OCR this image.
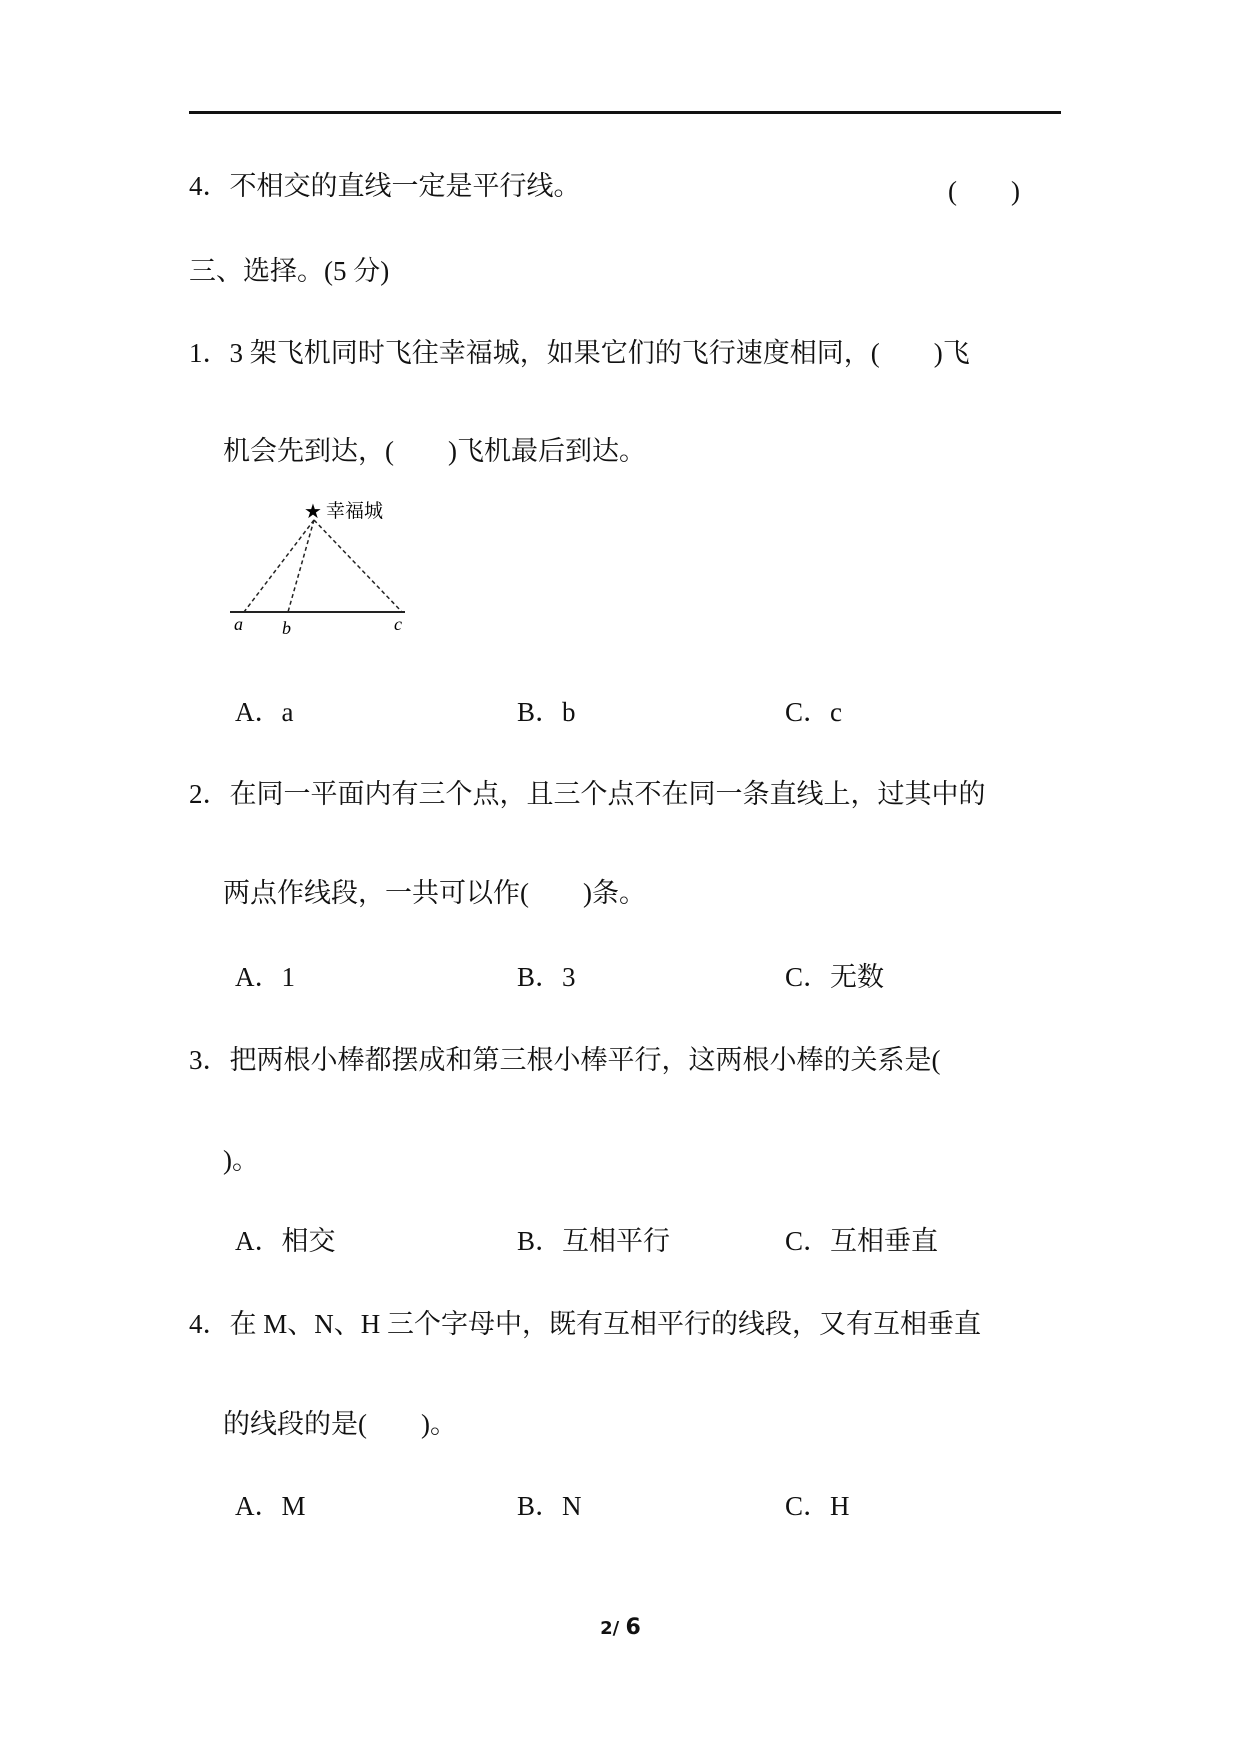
4．不相交的直线一定是平行线。	(　　)
三、选择。(5 分)
1．3 架飞机同时飞往幸福城，如果它们的飞行速度相同，(　　)飞
机会先到达，(　　)飞机最后到达。
★ 幸福城
a b	c
A．a	B．b	C．c
2．在同一平面内有三个点，且三个点不在同一条直线上，过其中的
两点作线段，一共可以作(　　)条。
A．1	B．3	C．无数
3．把两根小棒都摆成和第三根小棒平行，这两根小棒的关系是(
)。
A．相交	B．互相平行	C．互相垂直
4．在 M、N、H 三个字母中，既有互相平行的线段，又有互相垂直
的线段的是(　　)。
A．M	B．N	C．H
2/ 6
